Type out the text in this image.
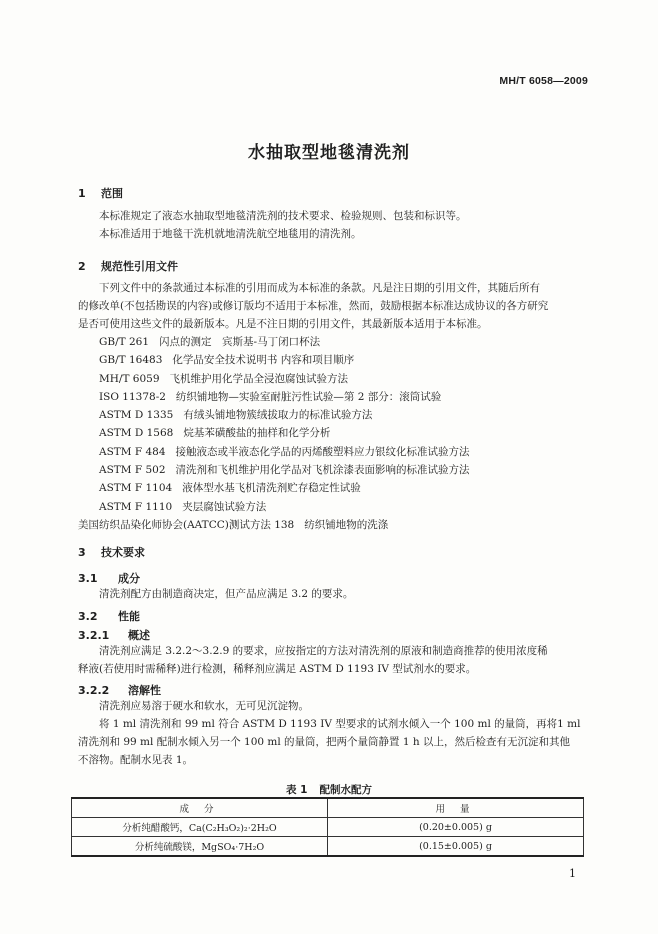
MH/T 6058—2009
水抽取型地毯清洗剂
1 范围
本标准规定了液态水抽取型地毯清洗剂的技术要求、检验规则、包装和标识等。
本标准适用于地毯干洗机就地清洗航空地毯用的清洗剂。
2 规范性引用文件
下列文件中的条款通过本标准的引用而成为本标准的条款。凡是注日期的引用文件，其随后所有
的修改单(不包括勘误的内容)或修订版均不适用于本标准，然而，鼓励根据本标准达成协议的各方研究
是否可使用这些文件的最新版本。凡是不注日期的引用文件，其最新版本适用于本标准。
GB/T 261 闪点的测定　宾斯基-马丁闭口杯法
GB/T 16483 化学品安全技术说明书 内容和项目顺序
MH/T 6059 飞机维护用化学品全浸泡腐蚀试验方法
ISO 11378-2 纺织铺地物—实验室耐脏污性试验—第 2 部分：滚筒试验
ASTM D 1335 有绒头铺地物簇绒拔取力的标准试验方法
ASTM D 1568 烷基苯磺酸盐的抽样和化学分析
ASTM F 484 接触液态或半液态化学品的丙烯酸塑料应力银纹化标准试验方法
ASTM F 502 清洗剂和飞机维护用化学品对飞机涂漆表面影响的标准试验方法
ASTM F 1104 液体型水基飞机清洗剂贮存稳定性试验
ASTM F 1110 夹层腐蚀试验方法
美国纺织品染化师协会(AATCC)测试方法 138 纺织铺地物的洗涤
3 技术要求
3.1 成分
清洗剂配方由制造商决定，但产品应满足 3.2 的要求。
3.2 性能
3.2.1 概述
清洗剂应满足 3.2.2～3.2.9 的要求，应按指定的方法对清洗剂的原液和制造商推荐的使用浓度稀
释液(若使用时需稀释)进行检测，稀释剂应满足 ASTM D 1193 IV 型试剂水的要求。
3.2.2 溶解性
清洗剂应易溶于硬水和软水，无可见沉淀物。
将 1 ml 清洗剂和 99 ml 符合 ASTM D 1193 IV 型要求的试剂水倾入一个 100 ml 的量筒，再将1 ml
清洗剂和 99 ml 配制水倾入另一个 100 ml 的量筒，把两个量筒静置 1 h 以上，然后检查有无沉淀和其他
不溶物。配制水见表 1。
表 1 配制水配方
成 分	用 量
分析纯醋酸钙，Ca(C₂H₃O₂)₂·2H₂O	(0.20±0.005) g
分析纯硫酸镁，MgSO₄·7H₂O	(0.15±0.005) g
1
